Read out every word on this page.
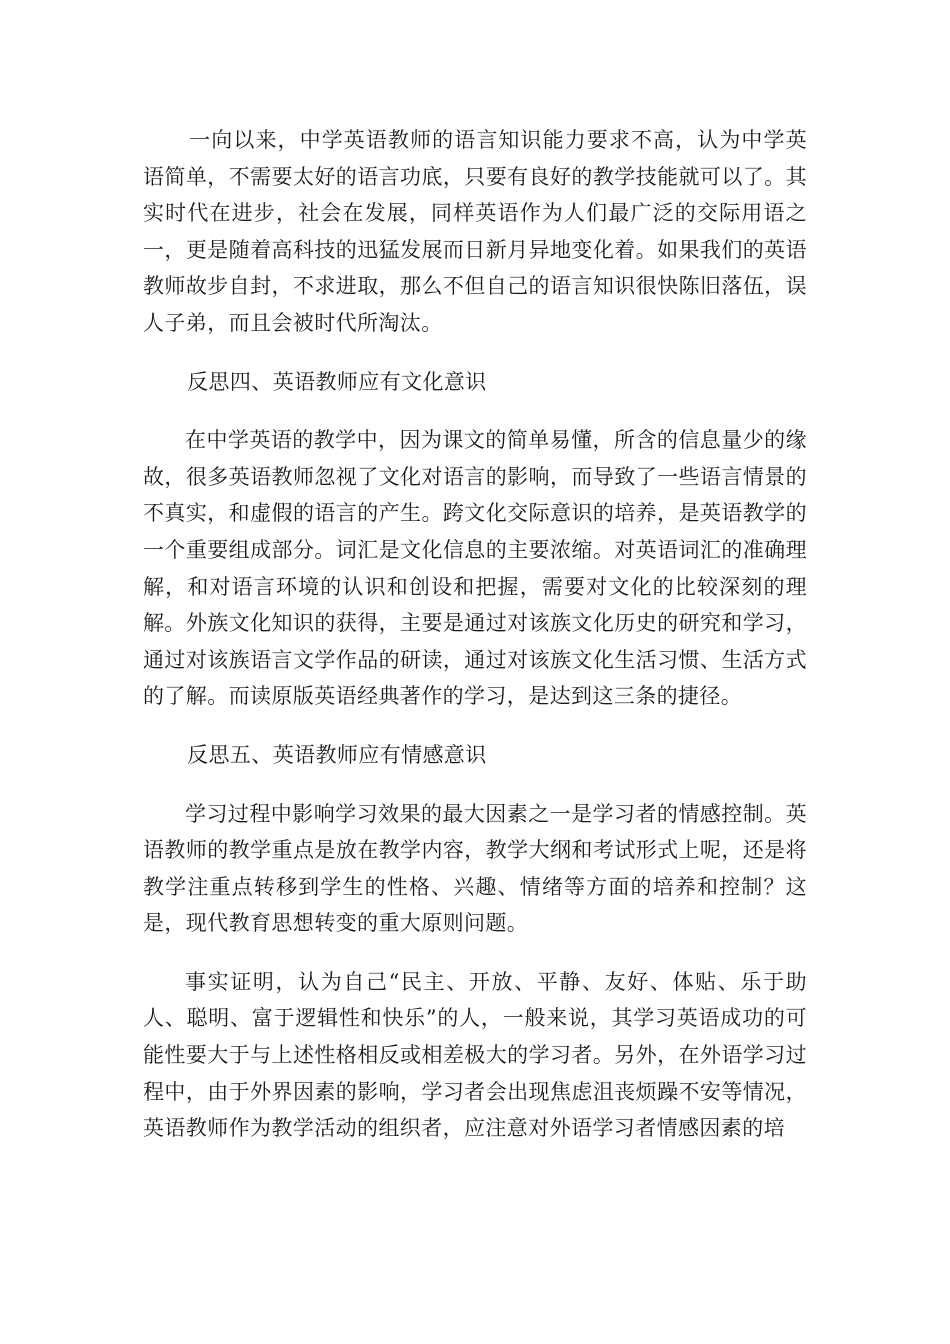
一向以来，中学英语教师的语言知识能力要求不高，认为中学英语简单，不需要太好的语言功底，只要有良好的教学技能就可以了。其实时代在进步，社会在发展，同样英语作为人们最广泛的交际用语之一，更是随着高科技的迅猛发展而日新月异地变化着。如果我们的英语教师故步自封，不求进取，那么不但自己的语言知识很快陈旧落伍，误人子弟，而且会被时代所淘汰。

反思四、英语教师应有文化意识

在中学英语的教学中，因为课文的简单易懂，所含的信息量少的缘故，很多英语教师忽视了文化对语言的影响，而导致了一些语言情景的不真实，和虚假的语言的产生。跨文化交际意识的培养，是英语教学的一个重要组成部分。词汇是文化信息的主要浓缩。对英语词汇的准确理解，和对语言环境的认识和创设和把握，需要对文化的比较深刻的理解。外族文化知识的获得，主要是通过对该族文化历史的研究和学习，通过对该族语言文学作品的研读，通过对该族文化生活习惯、生活方式的了解。而读原版英语经典著作的学习，是达到这三条的捷径。

反思五、英语教师应有情感意识

学习过程中影响学习效果的最大因素之一是学习者的情感控制。英语教师的教学重点是放在教学内容，教学大纲和考试形式上呢，还是将教学注重点转移到学生的性格、兴趣、情绪等方面的培养和控制？这是，现代教育思想转变的重大原则问题。

事实证明，认为自己“民主、开放、平静、友好、体贴、乐于助人、聪明、富于逻辑性和快乐”的人，一般来说，其学习英语成功的可能性要大于与上述性格相反或相差极大的学习者。另外，在外语学习过程中，由于外界因素的影响，学习者会出现焦虑沮丧烦躁不安等情况，英语教师作为教学活动的组织者，应注意对外语学习者情感因素的培
